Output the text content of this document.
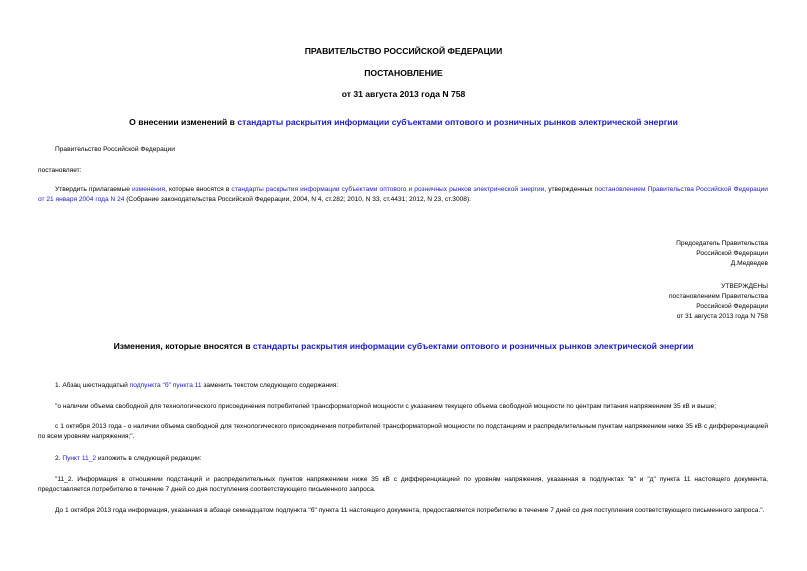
ПРАВИТЕЛЬСТВО РОССИЙСКОЙ ФЕДЕРАЦИИ
ПОСТАНОВЛЕНИЕ
от 31 августа 2013 года N 758
О внесении изменений в стандарты раскрытия информации субъектами оптового и розничных рынков электрической энергии
Правительство Российской Федерации
постановляет:
Утвердить прилагаемые изменения, которые вносятся в стандарты раскрытия информации субъектами оптового и розничных рынков электрической энергии, утвержденных постановлением Правительства Российской Федерации от 21 января 2004 года N 24 (Собрание законодательства Российской Федерации, 2004, N 4, ст.282; 2010, N 33, ст.4431; 2012, N 23, ст.3008).
Председатель Правительства
Российской Федерации
Д.Медведев
УТВЕРЖДЕНЫ
постановлением Правительства
Российской Федерации
от 31 августа 2013 года N 758
Изменения, которые вносятся в стандарты раскрытия информации субъектами оптового и розничных рынков электрической энергии
1. Абзац шестнадцатый подпункта "б" пункта 11 заменить текстом следующего содержания:
"о наличии объема свободной для технологического присоединения потребителей трансформаторной мощности с указанием текущего объема свободной мощности по центрам питания напряжением 35 кВ и выше;
с 1 октября 2013 года - о наличии объема свободной для технологического присоединения потребителей трансформаторной мощности по подстанциям и распределительным пунктам напряжением ниже 35 кВ с дифференциацией по всем уровням напряжения;".
2. Пункт 11_2 изложить в следующей редакции:
"11_2. Информация в отношении подстанций и распределительных пунктов напряжением ниже 35 кВ с дифференциацией по уровням напряжения, указанная в подпунктах "в" и "д" пункта 11 настоящего документа, предоставляется потребителю в течение 7 дней со дня поступления соответствующего письменного запроса.
До 1 октября 2013 года информация, указанная в абзаце семнадцатом подпункта "б" пункта 11 настоящего документа, предоставляется потребителю в течение 7 дней со дня поступления соответствующего письменного запроса.".
